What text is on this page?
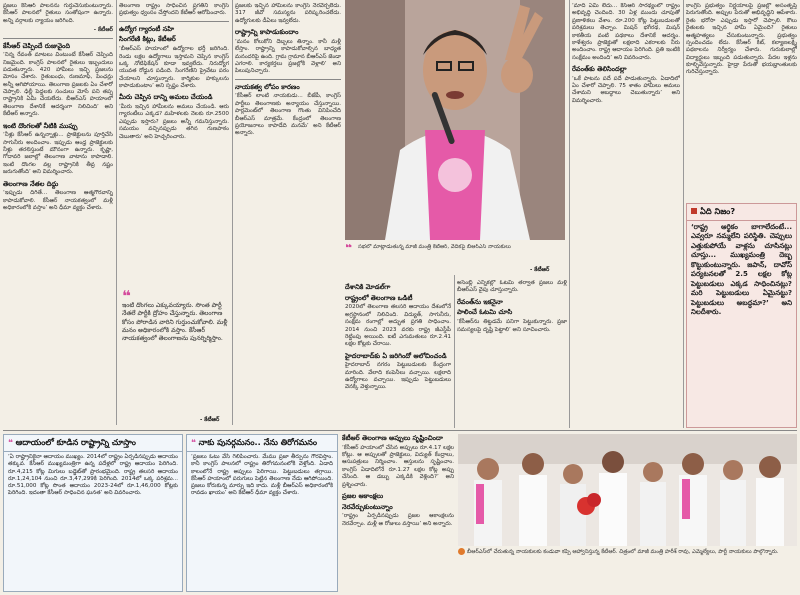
ప్రజలు కేసీఆర్ పాలనను గుర్తుచేసుకుంటున్నారు. కేసీఆర్ పాలనలో రైతులు సంతోషంగా ఉన్నారు. అన్ని వర్గాలకు న్యాయం జరిగింది.

- కేటీఆర్

కేసీఆర్ చెప్పిందే రుజువైంది

‘నిన్న రేవంత్ మాటలు వింటుంటే కేసీఆర్ చెప్పింది నిజమైంది. కాంగ్రెస్ పాలనలో రైతులు ఇబ్బందులు పడుతున్నారు. 420 హామీలు ఇచ్చి ప్రజలను మోసం చేశారు. రైతుబంధు, రుణమాఫీ, పింఛన్లు అన్నీ ఆగిపోయాయి. తెలంగాణ ప్రజలకు ఏం చేశారో చెప్పాలి. ఢిల్లీ పెద్దలకు సంచులు మోసే పని తప్ప రాష్ట్రానికి ఏమీ చేయలేదు. బీఆర్ఎస్ హయాంలో తెలంగాణ దేశానికే ఆదర్శంగా నిలిచింది’ అని కేటీఆర్ అన్నారు.

ఇంటి దొంగలతో నీటికి ముప్పు

‘నీళ్లు కేసీఆర్ ఉన్నన్నాళ్లు... ప్రాజెక్టులను పూర్తిచేసి సాగునీరు అందించాం. ఇప్పుడు ఆంధ్ర ప్రాజెక్టులకు నీళ్లు తరలిస్తుంటే మౌనంగా ఉన్నారు. కృష్ణా, గోదావరి జలాల్లో తెలంగాణ వాటాను కాపాడాలి. ఇంటి దొంగల వల్ల రాష్ట్రానికి తీవ్ర నష్టం జరుగుతోంది’ అని విమర్శించారు.

తెలంగాణ నేతల దిద్దు

‘ఇప్పుడు దిగితే... తెలంగాణ ఆత్మగౌరవాన్ని కాపాడుకోవాలి. కేసీఆర్ నాయకత్వంలో మళ్లీ అధికారంలోకి వస్తాం’ అని ధీమా వ్యక్తం చేశారు.

తెలంగాణ రాష్ట్రం సాధించిన ప్రగతిని కాంగ్రెస్ ప్రభుత్వం ధ్వంసం చేస్తోందని కేటీఆర్ ఆరోపించారు.

ఉద్యోగ గ్యారంటీ నహి
సింగరేణి కిట్లు, కేటీఆర్

‘బీఆర్ఎస్ హయాంలో ఉద్యోగాల భర్తీ జరిగింది. రెండు లక్షల ఉద్యోగాలు ఇస్తామని చెప్పిన కాంగ్రెస్ ఒక్క నోటిఫికేషన్ కూడా ఇవ్వలేదు. నిరుద్యోగ యువత రోడ్డున పడింది. సింగరేణిని ప్రైవేటు పరం చేయాలని చూస్తున్నారు. కార్మికుల హక్కులను కాపాడుకుంటాం’ అని స్పష్టం చేశారు.

మీరు చెప్పిన దాన్ని అమలు చేయండి

‘మీరు ఇచ్చిన హామీలను అమలు చేయండి. ఆరు గ్యారంటీలు ఎక్కడ? మహిళలకు నెలకు రూ.2500 ఎప్పుడు ఇస్తారు? ప్రజలు అన్నీ గమనిస్తున్నారు. సమయం వచ్చినప్పుడు తగిన గుణపాఠం చెబుతారు’ అని హెచ్చరించారు.

❝
ఇంటి దొంగలు ఎక్కువయ్యారు. సొంత పార్టీ నేతలే పార్టీకి ద్రోహం చేస్తున్నారు. తెలంగాణ కోసం పోరాడిన వారిని గుర్తుంచుకోవాలి. మళ్లీ మనం అధికారంలోకి వస్తాం. కేసీఆర్ నాయకత్వంలో తెలంగాణను పునర్నిర్మిస్తాం.
- కేటీఆర్

ప్రజలకు ఇచ్చిన హామీలను కాంగ్రెస్ నెరవేర్చలేదు. 317 జీవో సమస్యను పరిష్కరించలేదు. ఉద్యోగులకు డీఏలు ఇవ్వలేదు.

రాష్ట్రాన్ని కాపాడుకుందాం

‘మనం కోలుకోని దెబ్బలు తిన్నాం. కానీ మళ్లీ లేస్తాం. రాష్ట్రాన్ని కాపాడుకోవాల్సిన బాధ్యత మనందరిపై ఉంది. గ్రామ గ్రామాన బీఆర్ఎస్ జెండా ఎగరాలి. కార్యకర్తలు ప్రజల్లోకి వెళ్లాలి’ అని పిలుపునిచ్చారు.

నాయకత్వ లోపం కారణం

‘కేసీఆర్ లాంటి నాయకుడు... బీజేపీ, కాంగ్రెస్ పార్టీలు తెలంగాణకు అన్యాయం చేస్తున్నాయి. పార్లమెంట్‌లో తెలంగాణ గొంతు వినిపించేది బీఆర్ఎస్ మాత్రమే. కేంద్రంలో తెలంగాణ ప్రయోజనాలు కాపాడేది మనమే’ అని కేటీఆర్ అన్నారు.

సభలో మాట్లాడుతున్న మాజీ మంత్రి కేటీఆర్, వేదికపై బీఆర్ఎస్ నాయకులు
❝
- కేటీఆర్
దేశానికి మోడల్‌గా
రాష్ట్రంలో తెలంగాణ ఒడిటీ

2020లో తెలంగాణ తలసరి ఆదాయం దేశంలోనే అగ్రస్థానంలో నిలిచింది. విద్యుత్, సాగునీరు, సంక్షేమ రంగాల్లో అద్భుత ప్రగతి సాధించాం. 2014 నుంచి 2023 వరకు రాష్ట్ర జీఎస్డీపీ రెట్టింపు అయింది. ఐటీ ఎగుమతులు రూ.2.41 లక్షల కోట్లకు చేరాయి.

హైదరాబాద్‌కు ఏ జరిగిందో ఆలోచించండి

హైదరాబాద్ నగరం పెట్టుబడులకు కేంద్రంగా మారింది. వేలాది కంపెనీలు వచ్చాయి. లక్షలాది ఉద్యోగాలు వచ్చాయి. ఇప్పుడు పెట్టుబడులు వెనక్కి వెళ్తున్నాయి.

అసెంబ్లీ ఎన్నికల్లో ఓటమి తర్వాత ప్రజలు మళ్లీ బీఆర్ఎస్ వైపు చూస్తున్నారు.

రేవంత్‌ను ఇకనైనా
పాలించే ఓటమి చూసి

‘కేసీఆర్‌ను తిట్టడమే పనిగా పెట్టుకున్నారు. ప్రజా సమస్యలపై దృష్టి పెట్టాలి’ అని సూచించారు.

‘మాది ఏమీ లేదు... కేసీఆర్ సారథ్యంలో రాష్ట్రం అభివృద్ధి చెందింది. 30 ఏళ్ల ముందు చూపుతో ప్రణాళికలు వేశాం. రూ.200 కోట్ల పెట్టుబడులతో పరిశ్రమలు తెచ్చాం. మిషన్ భగీరథ, మిషన్ కాకతీయ వంటి పథకాలు దేశానికే ఆదర్శం. కాళేశ్వరం ప్రాజెక్టుతో లక్షలాది ఎకరాలకు నీరు అందించాం. రాష్ట్ర ఆదాయం పెరిగింది. ప్రతి ఇంటికి సంక్షేమం అందింది’ అని వివరించారు.

రేవంత్‌కు తెలిసిందల్లా

‘ఒకే పాటను పదే పదే పాడుతున్నారు. ఏడాదిలో ఏం చేశారో చెప్పాలి. 75 శాతం హామీలు అమలు చేశామని అబద్ధాలు చెబుతున్నారు’ అని విమర్శించారు.

కాంగ్రెస్ ప్రభుత్వం నిర్ణయాలపై ప్రజల్లో అసంతృప్తి పెరుగుతోంది. అప్పుల పేరుతో అభివృద్ధిని ఆపేశారు. రైతు భరోసా ఎప్పుడు ఇస్తారో చెప్పాలి. కౌలు రైతులకు ఇచ్చిన హామీ ఏమైంది? రైతులు ఆత్మహత్యలు చేసుకుంటున్నారు. ప్రభుత్వం స్పందించడం లేదు. కేసీఆర్ కిట్, కల్యాణలక్ష్మి పథకాలను నిర్వీర్యం చేశారు. గురుకులాల్లో విద్యార్థులు ఇబ్బంది పడుతున్నారు. పేదల ఇళ్లను కూల్చివేస్తున్నారు. హైడ్రా పేరుతో భయభ్రాంతులకు గురిచేస్తున్నారు.

ఏది నిజం?
‘రాష్ట్ర ఆర్థికం బాగాలేదంటే... ఎవ్వరూ నమ్మలేని పరిస్థితి. చెప్పులు ఎత్తుకుపోయే వాళ్లను చూసినట్లు చూస్తు... ముఖ్యమంత్రి దెబ్బ కొట్టుకుంటున్నారు. జపాన్, దావోస్ పర్యటనలతో 2.5 లక్షల కోట్ల పెట్టుబడులు ఎక్కడ సాధించినట్లు? మరి పెట్టుబడులు ఏమైనట్టు? పెట్టుబడులు అబద్ధమా?’ అని నిలదీశారు.
❝ ఆదాయంలో కూడిన రాష్ట్రాన్ని చూస్తాం
‘ఏ రాష్ట్రానికైనా ఆదాయం ముఖ్యం. 2014లో రాష్ట్రం ఏర్పడినప్పుడు ఆదాయం తక్కువ. కేసీఆర్ ముఖ్యమంత్రిగా ఉన్న పదేళ్లలో రాష్ట్ర ఆదాయం పెరిగింది. రూ.4,215 కోట్ల మిగులు బడ్జెట్‌తో ప్రారంభమైంది. రాష్ట్ర తలసరి ఆదాయం రూ.1,24,104 నుంచి రూ.3,47,299కి పెరిగింది. 2014లో ఒక్క పరిశ్రమ... రూ.51,000 కోట్ల సొంత ఆదాయం 2023-24లో రూ.1,46,000 కోట్లకు పెరిగింది. ఇదంతా కేసీఆర్ సాధించిన ఘనత’ అని వివరించారు.
❝ నాకు పునర్గమనం.. నేను తిరోగమనం
‘ప్రజలు ఓటు వేసి గెలిపించారు. మేము ప్రజా తీర్పును గౌరవిస్తాం. కానీ కాంగ్రెస్ పాలనలో రాష్ట్రం తిరోగమనంలోకి వెళ్తోంది. ఏడాది కాలంలోనే రాష్ట్ర అప్పులు పెరిగాయి. పెట్టుబడులు తగ్గాయి. కేసీఆర్ హయాంలో పరుగులు పెట్టిన తెలంగాణ నేడు ఆగిపోయింది. ప్రజలు కోరుకున్న మార్పు ఇది కాదు. మళ్లీ బీఆర్ఎస్ అధికారంలోకి రావడం ఖాయం’ అని కేటీఆర్ ధీమా వ్యక్తం చేశారు.
కేటీఆర్ తెలంగాణ అప్పులు సృష్టించిందా

‘కేసీఆర్ హయాంలో చేసిన అప్పులు రూ.4.17 లక్షల కోట్లు. ఆ అప్పులతో ప్రాజెక్టులు, విద్యుత్ కేంద్రాలు, ఆసుపత్రులు నిర్మించాం. ఆస్తులను సృష్టించాం. కాంగ్రెస్ ఏడాదిలోనే రూ.1.27 లక్షల కోట్ల అప్పు చేసింది. ఆ డబ్బు ఎక్కడికి వెళ్లింది?’ అని ప్రశ్నించారు.

ప్రజల ఆకాంక్షలు
నెరవేర్చుకుంటున్నాం

‘రాష్ట్రం ఏర్పడినప్పుడు ప్రజల ఆకాంక్షలను నెరవేర్చాం. మళ్లీ ఆ రోజులు వస్తాయి’ అని అన్నారు.

బీఆర్ఎస్‌లో చేరుతున్న నాయకులకు కండువా కప్పి ఆహ్వానిస్తున్న కేటీఆర్. చిత్రంలో మాజీ మంత్రి హరీశ్ రావు, ఎమ్మెల్యేలు, పార్టీ నాయకులు పాల్గొన్నారు.
